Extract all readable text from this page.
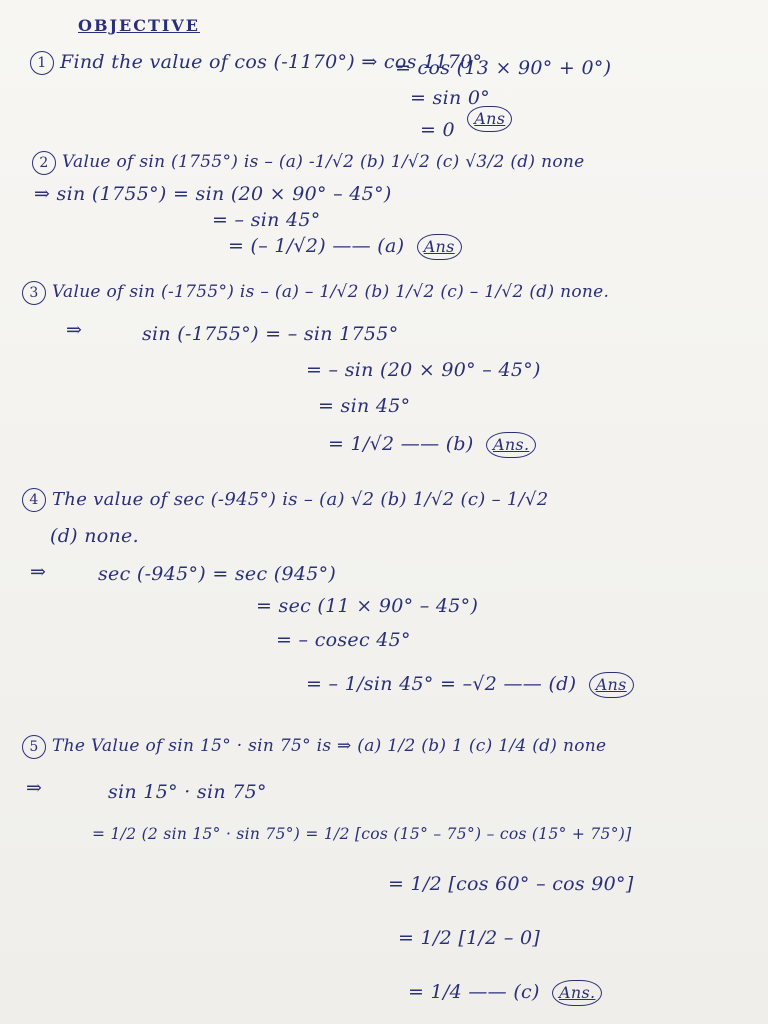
OBJECTIVE
1 Find the value of cos (-1170°) ⇒ cos 1170°
= cos (13 × 90° + 0°)
= sin 0°
= 0 Ans
2 Value of sin (1755°) is – (a) -1/√2 (b) 1/√2 (c) √3/2 (d) none
⇒ sin (1755°) = sin (20 × 90° – 45°)
= – sin 45°
= (– 1/√2) —— (a) Ans
3 Value of sin (-1755°) is – (a) – 1/√2 (b) 1/√2 (c) – 1/√2 (d) none.
⇒	sin (-1755°) = – sin 1755°
= – sin (20 × 90° – 45°)
= sin 45°
= 1/√2 —— (b) Ans.
4 The value of sec (-945°) is – (a) √2 (b) 1/√2 (c) – 1/√2
(d) none.
⇒	sec (-945°) = sec (945°)
= sec (11 × 90° – 45°)
= – cosec 45°
= – 1/sin 45° = –√2 —— (d) Ans
5 The Value of sin 15° · sin 75° is ⇒ (a) 1/2 (b) 1 (c) 1/4 (d) none
⇒	sin 15° · sin 75°
= 1/2 (2 sin 15° · sin 75°) = 1/2 [cos (15° – 75°) – cos (15° + 75°)]
= 1/2 [cos 60° – cos 90°]
= 1/2 [1/2 – 0]
= 1/4 —— (c) Ans.
